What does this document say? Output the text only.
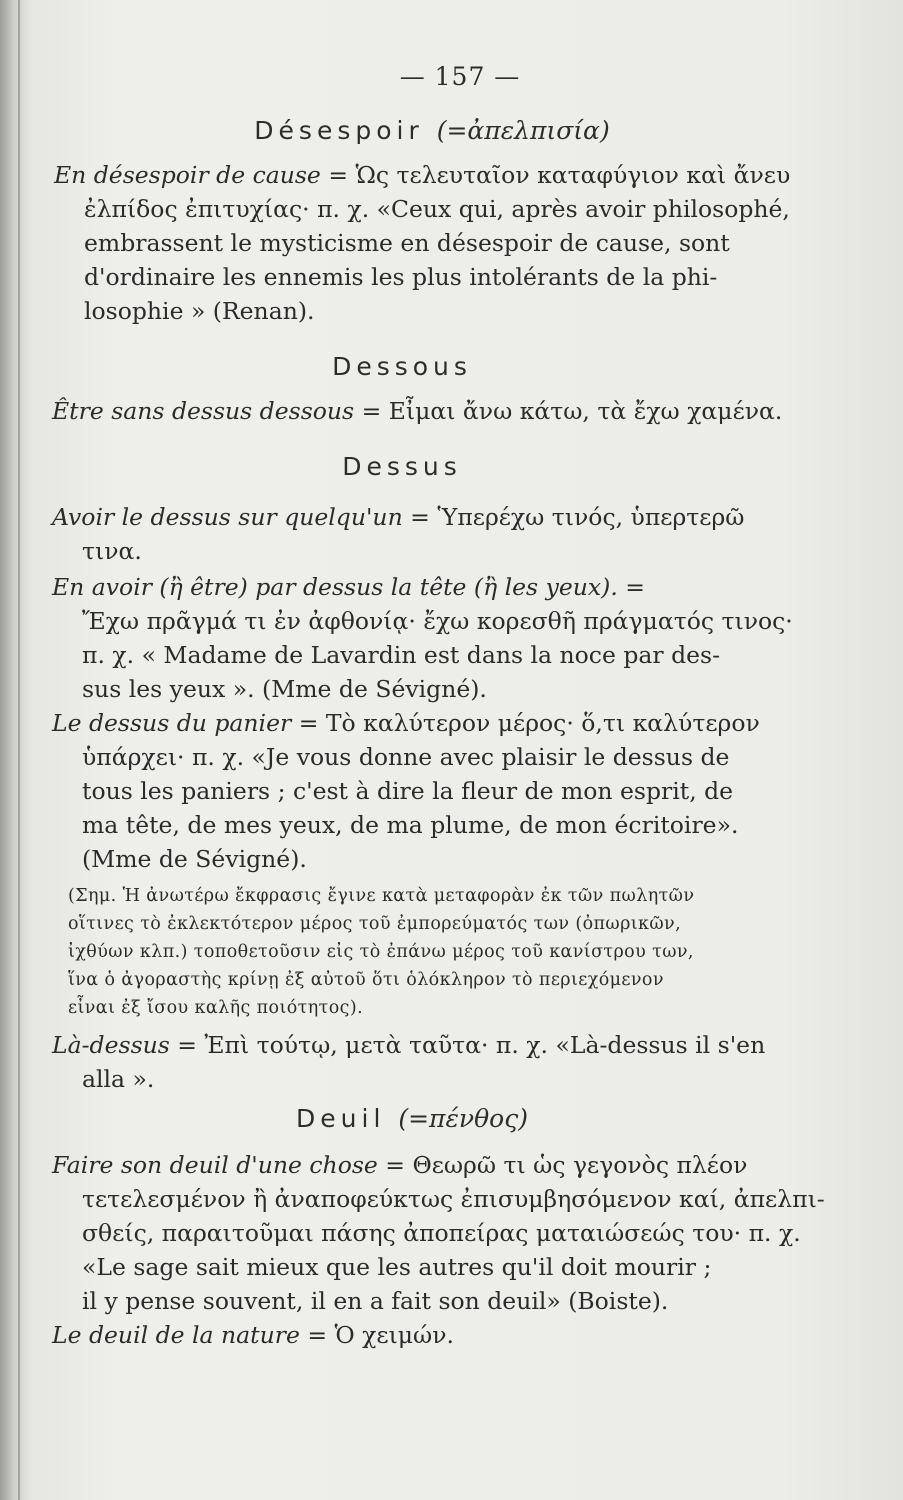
— 157 —
Désespoir (=ἀπελπισία)
En désespoir de cause = Ὡς τελευταῖον καταφύγιον καὶ ἄνευ
ἐλπίδος ἐπιτυχίας· π. χ. «Ceux qui, après avoir philosophé,
embrassent le mysticisme en désespoir de cause, sont
d'ordinaire les ennemis les plus intolérants de la phi-
losophie » (Renan).
Dessous
Être sans dessus dessous = Εἶμαι ἄνω κάτω, τὰ ἔχω χαμένα.
Dessus
Avoir le dessus sur quelqu'un = Ὑπερέχω τινός, ὑπερτερῶ
τινα.
En avoir (ἢ être) par dessus la tête (ἢ les yeux). =
Ἔχω πρᾶγμά τι ἐν ἀφθονίᾳ· ἔχω κορεσθῆ πράγματός τινος·
π. χ. « Madame de Lavardin est dans la noce par des-
sus les yeux ». (Mme de Sévigné).
Le dessus du panier = Τὸ καλύτερον μέρος· ὅ,τι καλύτερον
ὑπάρχει· π. χ. «Je vous donne avec plaisir le dessus de
tous les paniers ; c'est à dire la fleur de mon esprit, de
ma tête, de mes yeux, de ma plume, de mon écritoire».
(Mme de Sévigné).
(Σημ. Ἡ ἀνωτέρω ἔκφρασις ἔγινε κατὰ μεταφορὰν ἐκ τῶν πωλητῶν
οἵτινες τὸ ἐκλεκτότερον μέρος τοῦ ἐμπορεύματός των (ὀπωρικῶν,
ἰχθύων κλπ.) τοποθετοῦσιν εἰς τὸ ἐπάνω μέρος τοῦ κανίστρου των,
ἵνα ὁ ἀγοραστὴς κρίνῃ ἐξ αὐτοῦ ὅτι ὁλόκληρον τὸ περιεχόμενον
εἶναι ἐξ ἴσου καλῆς ποιότητος).
Là-dessus = Ἐπὶ τούτῳ, μετὰ ταῦτα· π. χ. «Là-dessus il s'en
alla ».
Deuil (=πένθος)
Faire son deuil d'une chose = Θεωρῶ τι ὡς γεγονὸς πλέον
τετελεσμένον ἢ ἀναποφεύκτως ἐπισυμβησόμενον καί, ἀπελπι-
σθείς, παραιτοῦμαι πάσης ἀποπείρας ματαιώσεώς του· π. χ.
«Le sage sait mieux que les autres qu'il doit mourir ;
il y pense souvent, il en a fait son deuil» (Boiste).
Le deuil de la nature = Ὁ χειμών.
